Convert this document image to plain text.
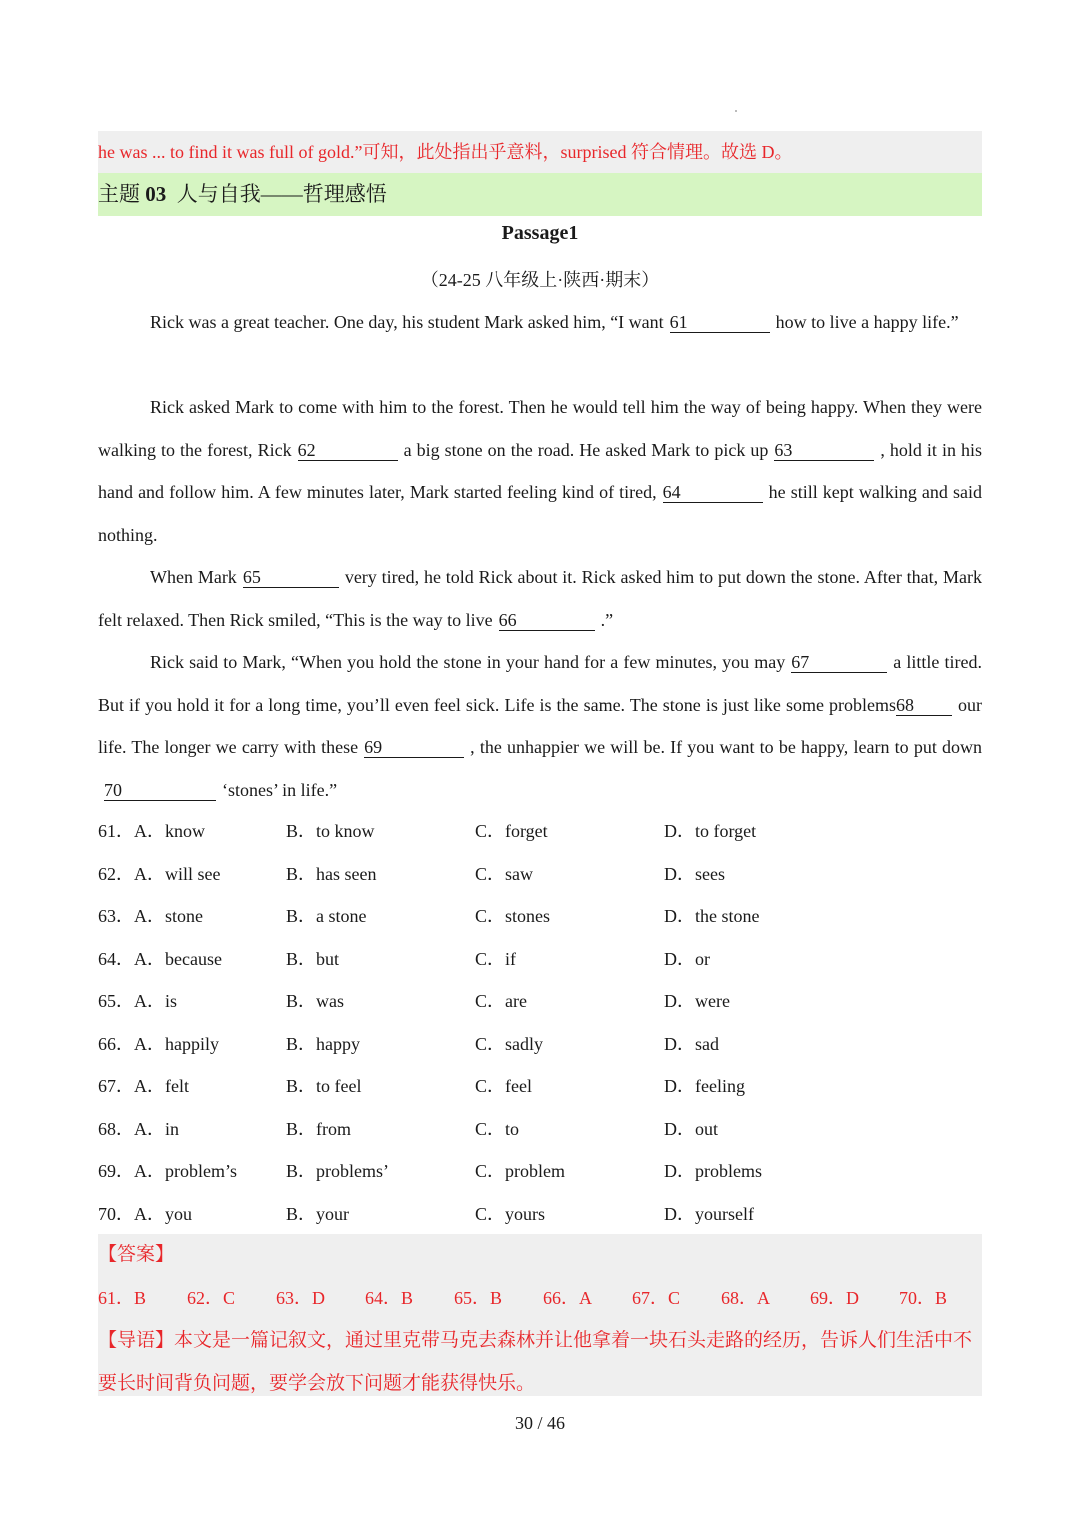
he was ... to find it was full of gold.”可知，此处指出乎意料，surprised 符合情理。故选 D。
主题 03  人与自我——哲理感悟
Passage1
（24-25 八年级上·陕西·期末）
Rick was a great teacher. One day, his student Mark asked him, “I want 61	how to live a happy life.”
Rick asked Mark to come with him to the forest. Then he would tell him the way of being happy. When they were walking to the forest, Rick 62	a big stone on the road. He asked Mark to pick up 63	, hold it in his hand and follow him. A few minutes later, Mark started feeling kind of tired, 64	he still kept walking and said nothing.
When Mark 65	very tired, he told Rick about it. Rick asked him to put down the stone. After that, Mark felt relaxed. Then Rick smiled, “This is the way to live 66	.”
Rick said to Mark, “When you hold the stone in your hand for a few minutes, you may 67	a little tired. But if you hold it for a long time, you’ll even feel sick. Life is the same. The stone is just like some problems68 our life. The longer we carry with these 69	, the unhappier we will be. If you want to be happy, learn to put down70	‘stones’ in life.”
61．A．know	B．to know	C．forget	D．to forget
62．A．will see	B．has seen	C．saw	D．sees
63．A．stone	B．a stone	C．stones	D．the stone
64．A．because	B．but	C．if	D．or
65．A．is	B．was	C．are	D．were
66．A．happily	B．happy	C．sadly	D．sad
67．A．felt	B．to feel	C．feel	D．feeling
68．A．in	B．from	C．to	D．out
69．A．problem’s	B．problems’	C．problem	D．problems
70．A．you	B．your	C．yours	D．yourself
【答案】
61．B 62．C 63．D 64．B 65．B 66．A 67．C 68．A 69．D 70．B
【导语】本文是一篇记叙文，通过里克带马克去森林并让他拿着一块石头走路的经历，告诉人们生活中不要长时间背负问题，要学会放下问题才能获得快乐。
30 / 46
